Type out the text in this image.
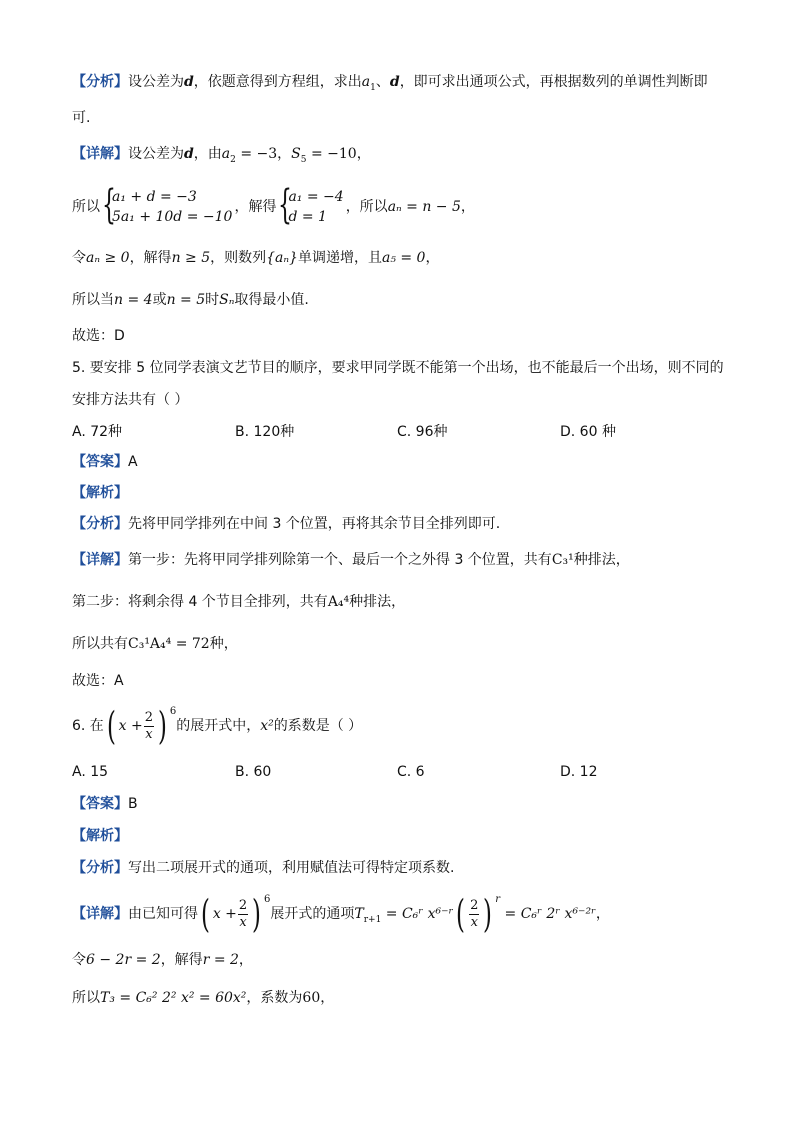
【分析】设公差为d，依题意得到方程组，求出$a_1$、d，即可求出通项公式，再根据数列的单调性判断即
可.
【详解】设公差为d，由$a_2 = -3$，$S_5 = -10$，
所以 {
a₁ + d = −3
5a₁ + 10d = −10
，解得 {
a₁ = −4
d = 1
，所以aₙ = n − 5，
令aₙ ≥ 0，解得n ≥ 5，则数列{aₙ}单调递增，且a₅ = 0，
所以当n = 4或n = 5时Sₙ取得最小值.
故选：D
5. 要安排 5 位同学表演文艺节目的顺序，要求甲同学既不能第一个出场，也不能最后一个出场，则不同的
安排方法共有（ ）
A. 72种	B. 120种	C. 96种	D. 60 种
【答案】A
【解析】
【分析】先将甲同学排列在中间 3 个位置，再将其余节目全排列即可.
【详解】第一步：先将甲同学排列除第一个、最后一个之外得 3 个位置，共有C₃¹种排法，
第二步：将剩余得 4 个节目全排列，共有A₄⁴种排法，
所以共有C₃¹A₄⁴ = 72种，
故选：A
6. 在( $x + \frac{2}{x}$ ) $^6$的展开式中，x²的系数是（ ）
A. 15	B. 60	C. 6	D. 12
【答案】B
【解析】
【分析】写出二项展开式的通项，利用赋值法可得特定项系数.
【详解】由已知可得( $x + \frac{2}{x}$ ) $^6$展开式的通项$T_{r+1}$ = C₆ʳ x⁶⁻ʳ( $\frac{2}{x}$ ) $^r$ = C₆ʳ 2ʳ x⁶⁻²ʳ，
令6 − 2r = 2，解得r = 2，
所以T₃ = C₆² 2² x² = 60x²，系数为60，
